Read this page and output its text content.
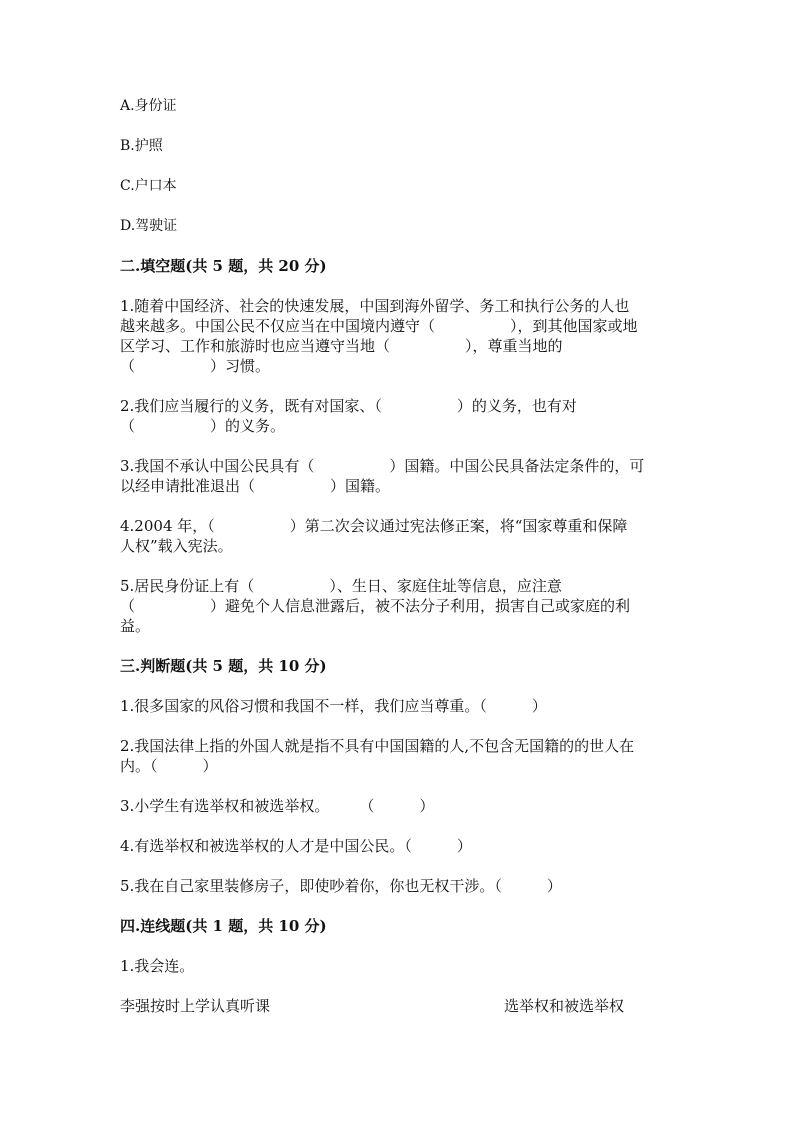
A.身份证

B.护照

C.户口本

D.驾驶证

二.填空题(共 5 题，共 20 分)

1.随着中国经济、社会的快速发展，中国到海外留学、务工和执行公务的人也

越来越多。中国公民不仅应当在中国境内遵守（　　　　　），到其他国家或地

区学习、工作和旅游时也应当遵守当地（　　　　　），尊重当地的

（　　　　　）习惯。

2.我们应当履行的义务，既有对国家、（　　　　　）的义务，也有对

（　　　　　）的义务。

3.我国不承认中国公民具有（　　　　　）国籍。中国公民具备法定条件的，可

以经申请批准退出（　　　　　）国籍。

4.2004 年，（　　　　　）第二次会议通过宪法修正案，将“国家尊重和保障

人权”载入宪法。

5.居民身份证上有（　　　　　）、生日、家庭住址等信息，应注意

（　　　　　）避免个人信息泄露后，被不法分子利用，损害自己或家庭的利

益。

三.判断题(共 5 题，共 10 分)

1.很多国家的风俗习惯和我国不一样，我们应当尊重。（　　　）

2.我国法律上指的外国人就是指不具有中国国籍的人,不包含无国籍的的世人在

内。（　　　）

3.小学生有选举权和被选举权。　　　（　　　）

4.有选举权和被选举权的人才是中国公民。（　　　）

5.我在自己家里装修房子，即使吵着你，你也无权干涉。（　　　）

四.连线题(共 1 题，共 10 分)

1.我会连。

李强按时上学认真听课	选举权和被选举权
